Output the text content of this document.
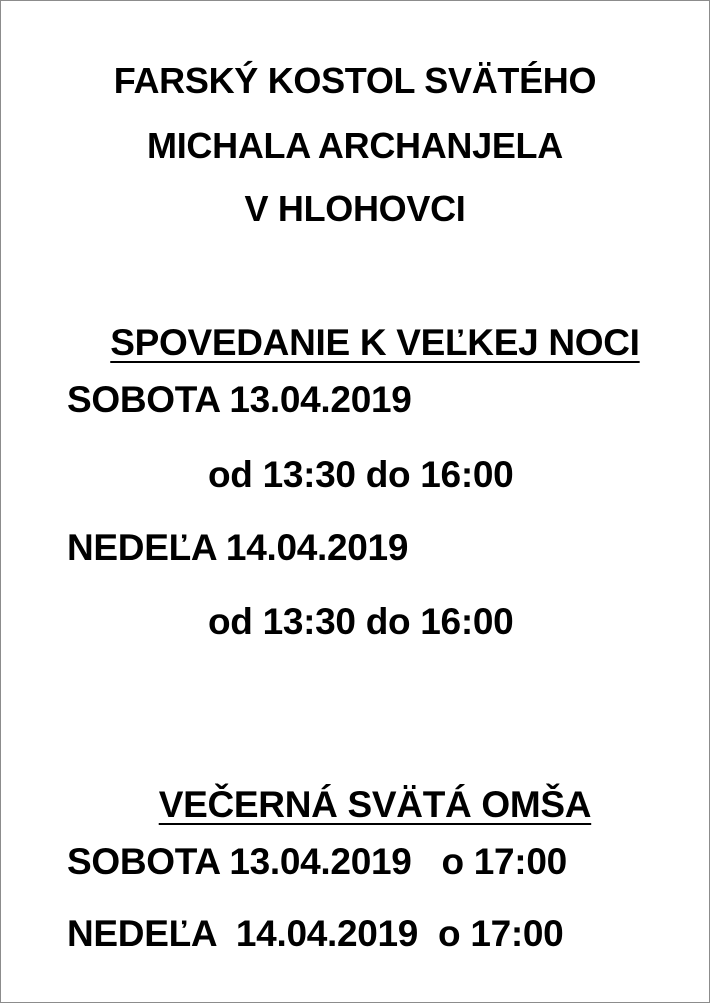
FARSKÝ KOSTOL SVÄTÉHO
MICHALA ARCHANJELA
V HLOHOVCI

SPOVEDANIE K VEĽKEJ NOCI

SOBOTA 13.04.2019
od 13:30 do 16:00
NEDEĽA 14.04.2019
od 13:30 do 16:00

VEČERNÁ SVÄTÁ OMŠA

SOBOTA 13.04.2019   o 17:00
NEDEĽA  14.04.2019  o 17:00
